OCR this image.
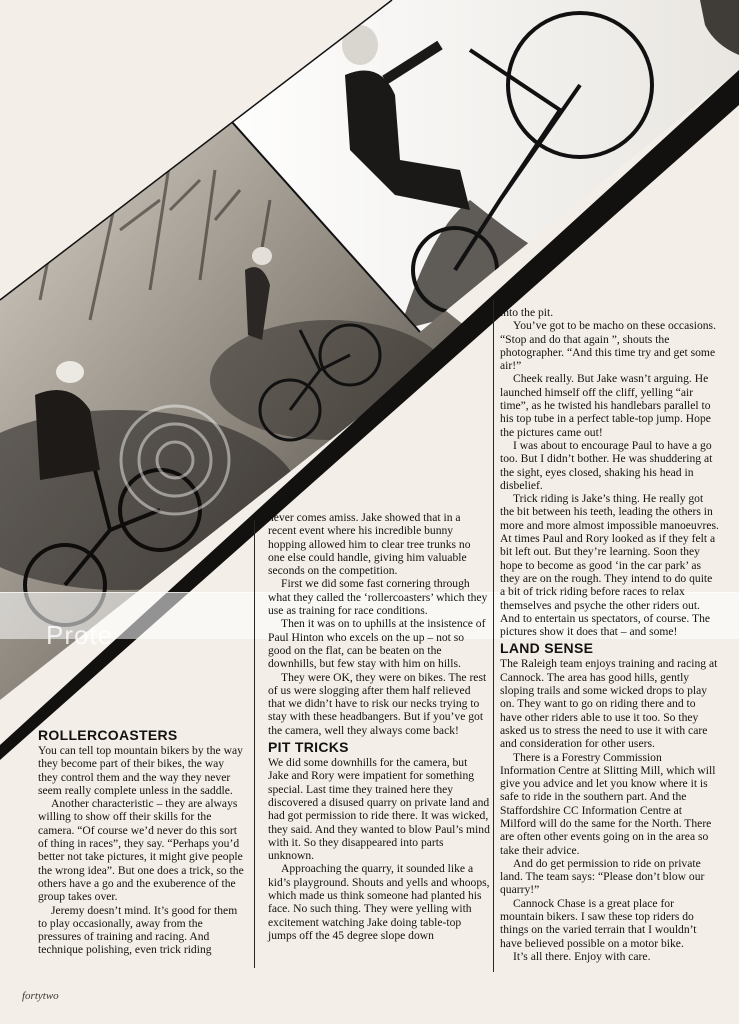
Prote
ROLLERCOASTERS

You can tell top mountain bikers by the way they become part of their bikes, the way they control them and the way they never seem really complete unless in the saddle.

Another characteristic – they are always willing to show off their skills for the camera. “Of course we’d never do this sort of thing in races”, they say. “Perhaps you’d better not take pictures, it might give people the wrong idea”. But one does a trick, so the others have a go and the exuberence of the group takes over.

Jeremy doesn’t mind. It’s good for them to play occasionally, away from the pressures of training and racing. And technique polishing, even trick riding

never comes amiss. Jake showed that in a recent event where his incredible bunny hopping allowed him to clear tree trunks no one else could handle, giving him valuable seconds on the competition.

First we did some fast cornering through what they called the ‘rollercoasters’ which they use as training for race conditions.

Then it was on to uphills at the insistence of Paul Hinton who excels on the up – not so good on the flat, can be beaten on the downhills, but few stay with him on hills.

They were OK, they were on bikes. The rest of us were slogging after them half relieved that we didn’t have to risk our necks trying to stay with these headbangers. But if you’ve got the camera, well they always come back!

PIT TRICKS

We did some downhills for the camera, but Jake and Rory were impatient for something special. Last time they trained here they discovered a disused quarry on private land and had got permission to ride there. It was wicked, they said. And they wanted to blow Paul’s mind with it. So they disappeared into parts unknown.

Approaching the quarry, it sounded like a kid’s playground. Shouts and yells and whoops, which made us think someone had planted his face. No such thing. They were yelling with excitement watching Jake doing table-top jumps off the 45 degree slope down

into the pit.

You’ve got to be macho on these occasions. “Stop and do that again ”, shouts the photographer. “And this time try and get some air!”

Cheek really. But Jake wasn’t arguing. He launched himself off the cliff, yelling “air time”, as he twisted his handlebars parallel to his top tube in a perfect table-top jump. Hope the pictures came out!

I was about to encourage Paul to have a go too. But I didn’t bother. He was shuddering at the sight, eyes closed, shaking his head in disbelief.

Trick riding is Jake’s thing. He really got the bit between his teeth, leading the others in more and more almost impossible manoeuvres. At times Paul and Rory looked as if they felt a bit left out. But they’re learning. Soon they hope to become as good ‘in the car park’ as they are on the rough. They intend to do quite a bit of trick riding before races to relax themselves and psyche the other riders out. And to entertain us spectators, of course. The pictures show it does that – and some!

LAND SENSE

The Raleigh team enjoys training and racing at Cannock. The area has good hills, gently sloping trails and some wicked drops to play on. They want to go on riding there and to have other riders able to use it too. So they asked us to stress the need to use it with care and consideration for other users.

There is a Forestry Commission Information Centre at Slitting Mill, which will give you advice and let you know where it is safe to ride in the southern part. And the Staffordshire CC Information Centre at Milford will do the same for the North. There are often other events going on in the area so take their advice.

And do get permission to ride on private land. The team says: “Please don’t blow our quarry!”

Cannock Chase is a great place for mountain bikers. I saw these top riders do things on the varied terrain that I wouldn’t have believed possible on a motor bike.

It’s all there. Enjoy with care.

fortytwo
